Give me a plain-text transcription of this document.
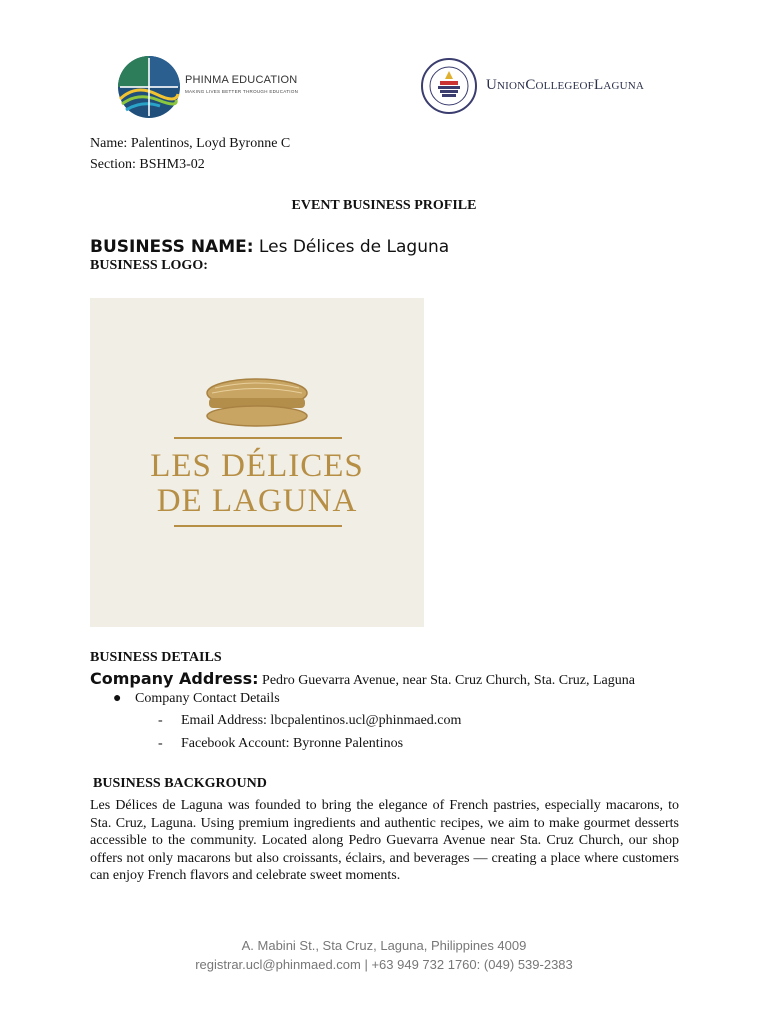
PHINMA EDUCATION
MAKING LIVES BETTER THROUGH EDUCATION	UnionCollegeofLaguna
Name: Palentinos, Loyd Byronne C
Section: BSHM3-02
EVENT BUSINESS PROFILE
BUSINESS NAME: Les Délices de Laguna
BUSINESS LOGO:
LES DÉLICES
DE LAGUNA
BUSINESS DETAILS
Company Address: Pedro Guevarra Avenue, near Sta. Cruz Church, Sta. Cruz, Laguna
● Company Contact Details
- Email Address: lbcpalentinos.ucl@phinmaed.com
- Facebook Account: Byronne Palentinos
BUSINESS BACKGROUND
Les Délices de Laguna was founded to bring the elegance of French pastries, especially macarons, to Sta. Cruz, Laguna. Using premium ingredients and authentic recipes, we aim to make gourmet desserts accessible to the community. Located along Pedro Guevarra Avenue near Sta. Cruz Church, our shop offers not only macarons but also croissants, éclairs, and beverages — creating a place where customers can enjoy French flavors and celebrate sweet moments.
A. Mabini St., Sta Cruz, Laguna, Philippines 4009
registrar.ucl@phinmaed.com | +63 949 732 1760: (049) 539-2383
